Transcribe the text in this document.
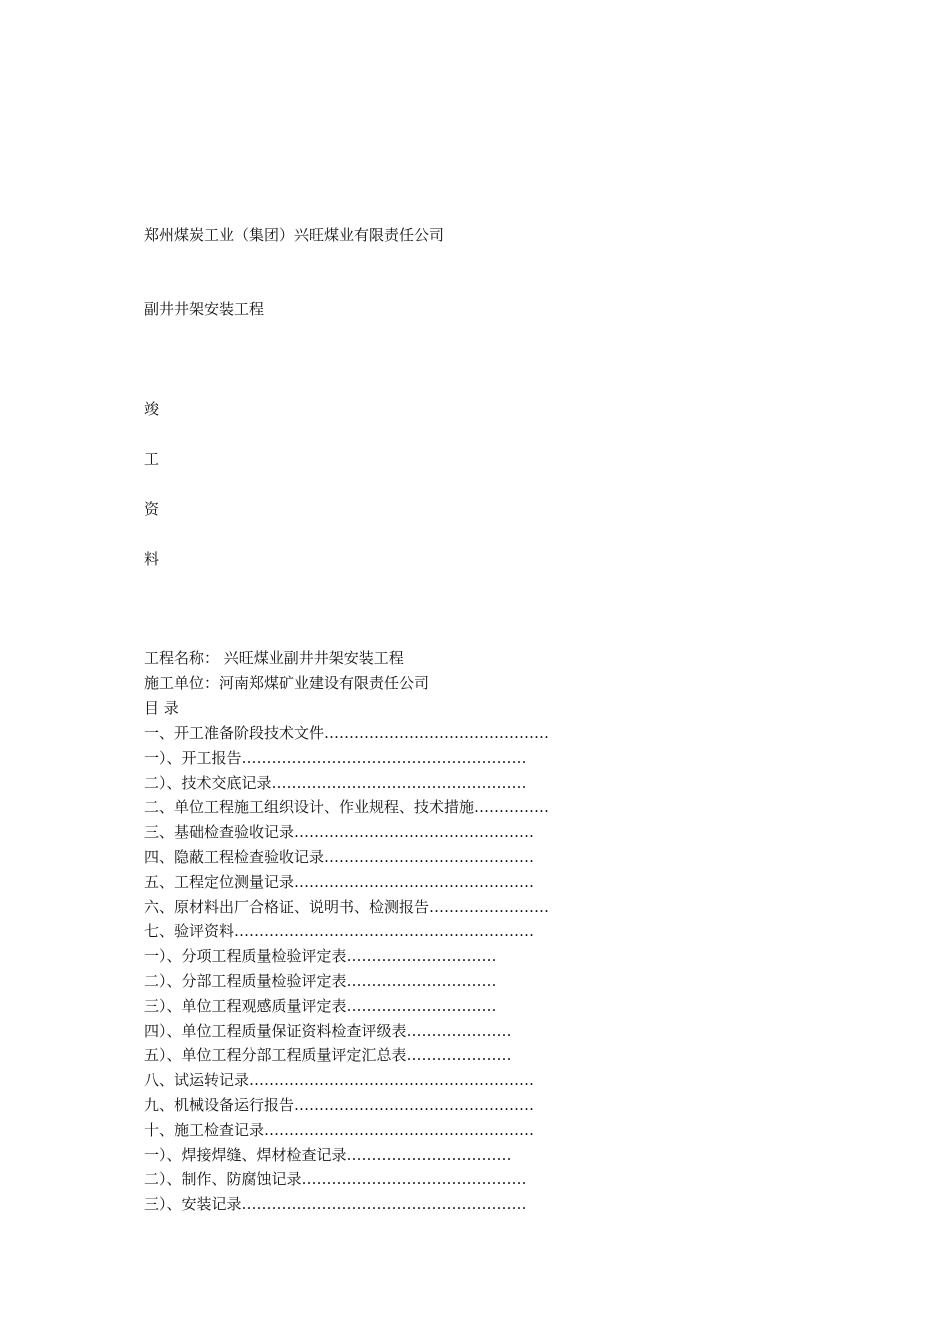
郑州煤炭工业（集团）兴旺煤业有限责任公司
副井井架安装工程
竣
工
资
料
工程名称： 兴旺煤业副井井架安装工程
施工单位：河南郑煤矿业建设有限责任公司
目 录
一、开工准备阶段技术文件………………………………………
一）、开工报告…………………………………………………
二）、技术交底记录……………………………………………
二、单位工程施工组织设计、作业规程、技术措施……………
三、基础检查验收记录…………………………………………
四、隐蔽工程检查验收记录……………………………………
五、工程定位测量记录…………………………………………
六、原材料出厂合格证、说明书、检测报告……………………
七、验评资料……………………………………………………
一）、分项工程质量检验评定表…………………………
二）、分部工程质量检验评定表…………………………
三）、单位工程观感质量评定表…………………………
四）、单位工程质量保证资料检查评级表…………………
五）、单位工程分部工程质量评定汇总表…………………
八、试运转记录…………………………………………………
九、机械设备运行报告…………………………………………
十、施工检查记录………………………………………………
一）、焊接焊缝、焊材检查记录……………………………
二）、制作、防腐蚀记录………………………………………
三）、安装记录…………………………………………………
